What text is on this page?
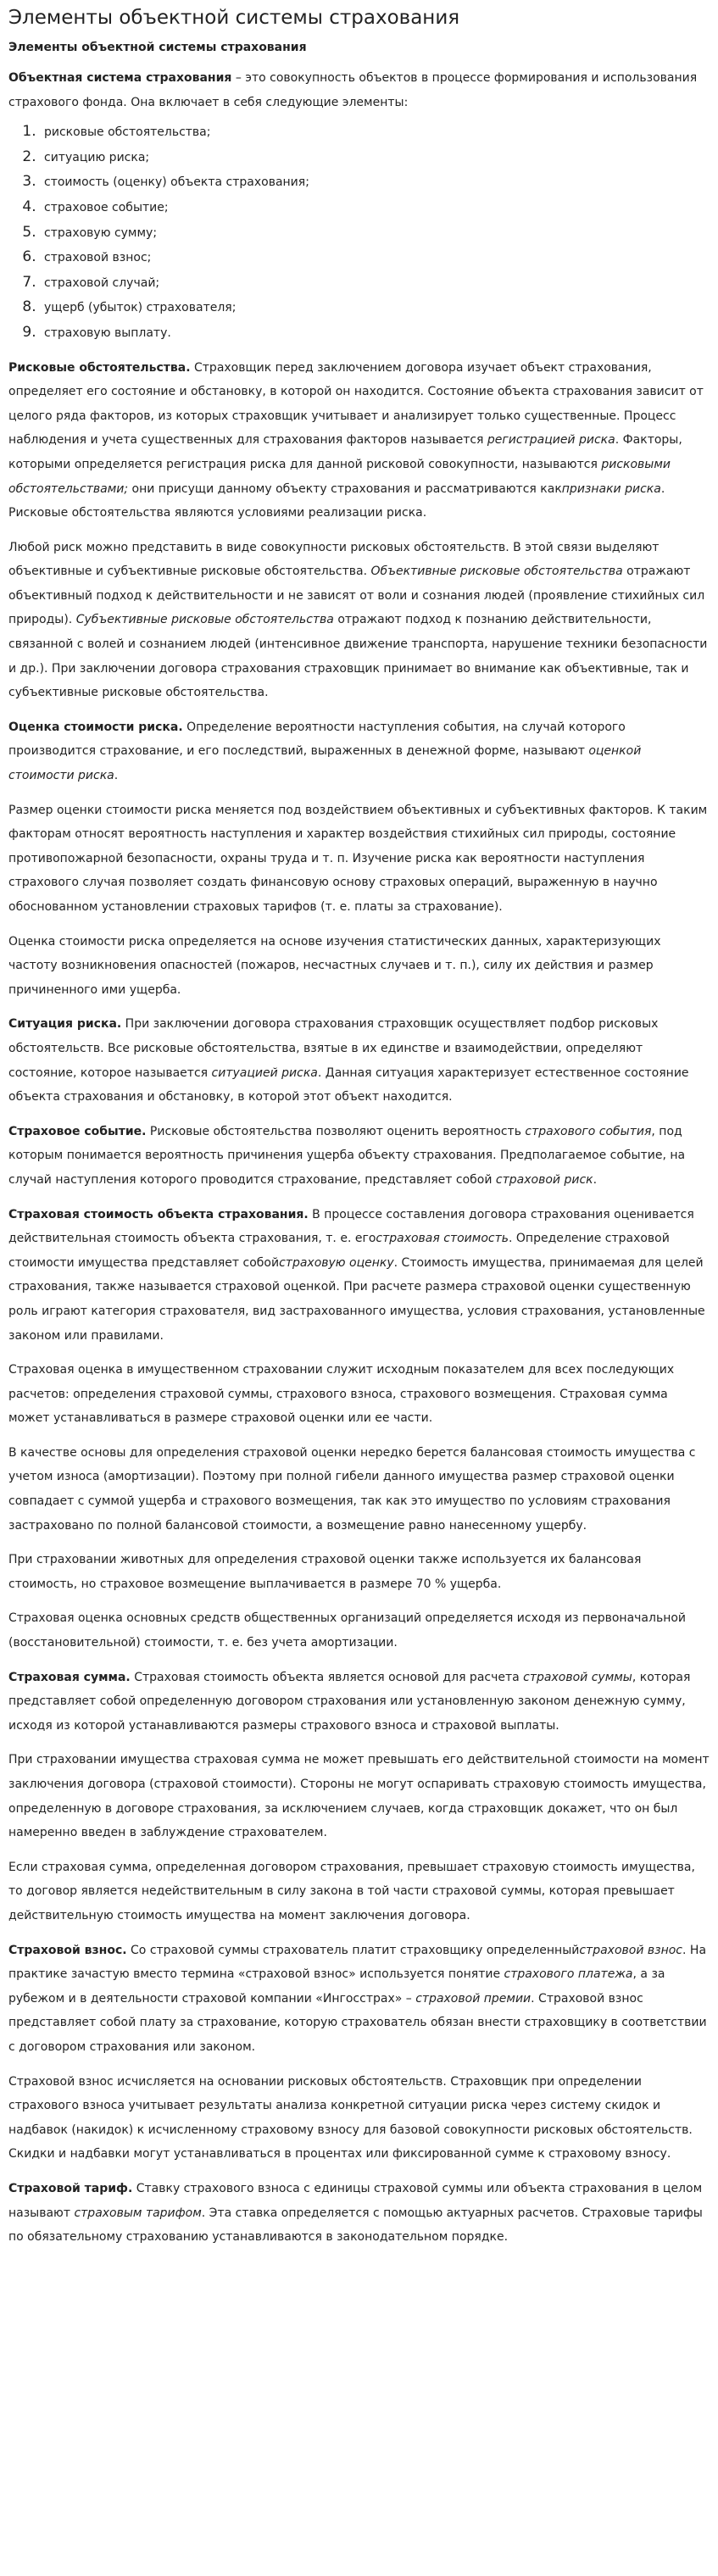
Элементы объектной системы страхования
Элементы объектной системы страхования

Объектная система страхования – это совокупность объектов в процессе формирования и использования страхового фонда. Она включает в себя следующие элементы:

1. рисковые обстоятельства;
2. ситуацию риска;
3. стоимость (оценку) объекта страхования;
4. страховое событие;
5. страховую сумму;
6. страховой взнос;
7. страховой случай;
8. ущерб (убыток) страхователя;
9. страховую выплату.

Рисковые обстоятельства. Страховщик перед заключением договора изучает объект страхования, определяет его состояние и обстановку, в которой он находится. Состояние объекта страхования зависит от целого ряда факторов, из которых страховщик учитывает и анализирует только существенные. Процесс наблюдения и учета существенных для страхования факторов называется регистрацией риска. Факторы, которыми определяется регистрация риска для данной рисковой совокупности, называются рисковыми обстоятельствами; они присущи данному объекту страхования и рассматриваются какпризнаки риска. Рисковые обстоятельства являются условиями реализации риска.

Любой риск можно представить в виде совокупности рисковых обстоятельств. В этой связи выделяют объективные и субъективные рисковые обстоятельства. Объективные рисковые обстоятельства отражают объективный подход к действительности и не зависят от воли и сознания людей (проявление стихийных сил природы). Субъективные рисковые обстоятельства отражают подход к познанию действительности, связанной с волей и сознанием людей (интенсивное движение транспорта, нарушение техники безопасности и др.). При заключении договора страхования страховщик принимает во внимание как объективные, так и субъективные рисковые обстоятельства.

Оценка стоимости риска. Определение вероятности наступления события, на случай которого производится страхование, и его последствий, выраженных в денежной форме, называют оценкой стоимости риска.

Размер оценки стоимости риска меняется под воздействием объективных и субъективных факторов. К таким факторам относят вероятность наступления и характер воздействия стихийных сил природы, состояние противопожарной безопасности, охраны труда и т. п. Изучение риска как вероятности наступления страхового случая позволяет создать финансовую основу страховых операций, выраженную в научно обоснованном установлении страховых тарифов (т. е. платы за страхование).

Оценка стоимости риска определяется на основе изучения статистических данных, характеризующих частоту возникновения опасностей (пожаров, несчастных случаев и т. п.), силу их действия и размер причиненного ими ущерба.

Ситуация риска. При заключении договора страхования страховщик осуществляет подбор рисковых обстоятельств. Все рисковые обстоятельства, взятые в их единстве и взаимодействии, определяют состояние, которое называется ситуацией риска. Данная ситуация характеризует естественное состояние объекта страхования и обстановку, в которой этот объект находится.

Страховое событие. Рисковые обстоятельства позволяют оценить вероятность страхового события, под которым понимается вероятность причинения ущерба объекту страхования. Предполагаемое событие, на случай наступления которого проводится страхование, представляет собой страховой риск.

Страховая стоимость объекта страхования. В процессе составления договора страхования оценивается действительная стоимость объекта страхования, т. е. егостраховая стоимость. Определение страховой стоимости имущества представляет собойстраховую оценку. Стоимость имущества, принимаемая для целей страхования, также называется страховой оценкой. При расчете размера страховой оценки существенную роль играют категория страхователя, вид застрахованного имущества, условия страхования, установленные законом или правилами.

Страховая оценка в имущественном страховании служит исходным показателем для всех последующих расчетов: определения страховой суммы, страхового взноса, страхового возмещения. Страховая сумма может устанавливаться в размере страховой оценки или ее части.

В качестве основы для определения страховой оценки нередко берется балансовая стоимость имущества с учетом износа (амортизации). Поэтому при полной гибели данного имущества размер страховой оценки совпадает с суммой ущерба и страхового возмещения, так как это имущество по условиям страхования застраховано по полной балансовой стоимости, а возмещение равно нанесенному ущербу.

При страховании животных для определения страховой оценки также используется их балансовая стоимость, но страховое возмещение выплачивается в размере 70 % ущерба.

Страховая оценка основных средств общественных организаций определяется исходя из первоначальной (восстановительной) стоимости, т. е. без учета амортизации.

Страховая сумма. Страховая стоимость объекта является основой для расчета страховой суммы, которая представляет собой определенную договором страхования или установленную законом денежную сумму, исходя из которой устанавливаются размеры страхового взноса и страховой выплаты.

При страховании имущества страховая сумма не может превышать его действительной стоимости на момент заключения договора (страховой стоимости). Стороны не могут оспаривать страховую стоимость имущества, определенную в договоре страхования, за исключением случаев, когда страховщик докажет, что он был намеренно введен в заблуждение страхователем.

Если страховая сумма, определенная договором страхования, превышает страховую стоимость имущества, то договор является недействительным в силу закона в той части страховой суммы, которая превышает действительную стоимость имущества на момент заключения договора.

Страховой взнос. Со страховой суммы страхователь платит страховщику определенныйстраховой взнос. На практике зачастую вместо термина «страховой взнос» используется понятие страхового платежа, а за рубежом и в деятельности страховой компании «Ингосстрах» – страховой премии. Страховой взнос представляет собой плату за страхование, которую страхователь обязан внести страховщику в соответствии с договором страхования или законом.

Страховой взнос исчисляется на основании рисковых обстоятельств. Страховщик при определении страхового взноса учитывает результаты анализа конкретной ситуации риска через систему скидок и надбавок (накидок) к исчисленному страховому взносу для базовой совокупности рисковых обстоятельств. Скидки и надбавки могут устанавливаться в процентах или фиксированной сумме к страховому взносу.

Страховой тариф. Ставку страхового взноса с единицы страховой суммы или объекта страхования в целом называют страховым тарифом. Эта ставка определяется с помощью актуарных расчетов. Страховые тарифы по обязательному страхованию устанавливаются в законодательном порядке.
